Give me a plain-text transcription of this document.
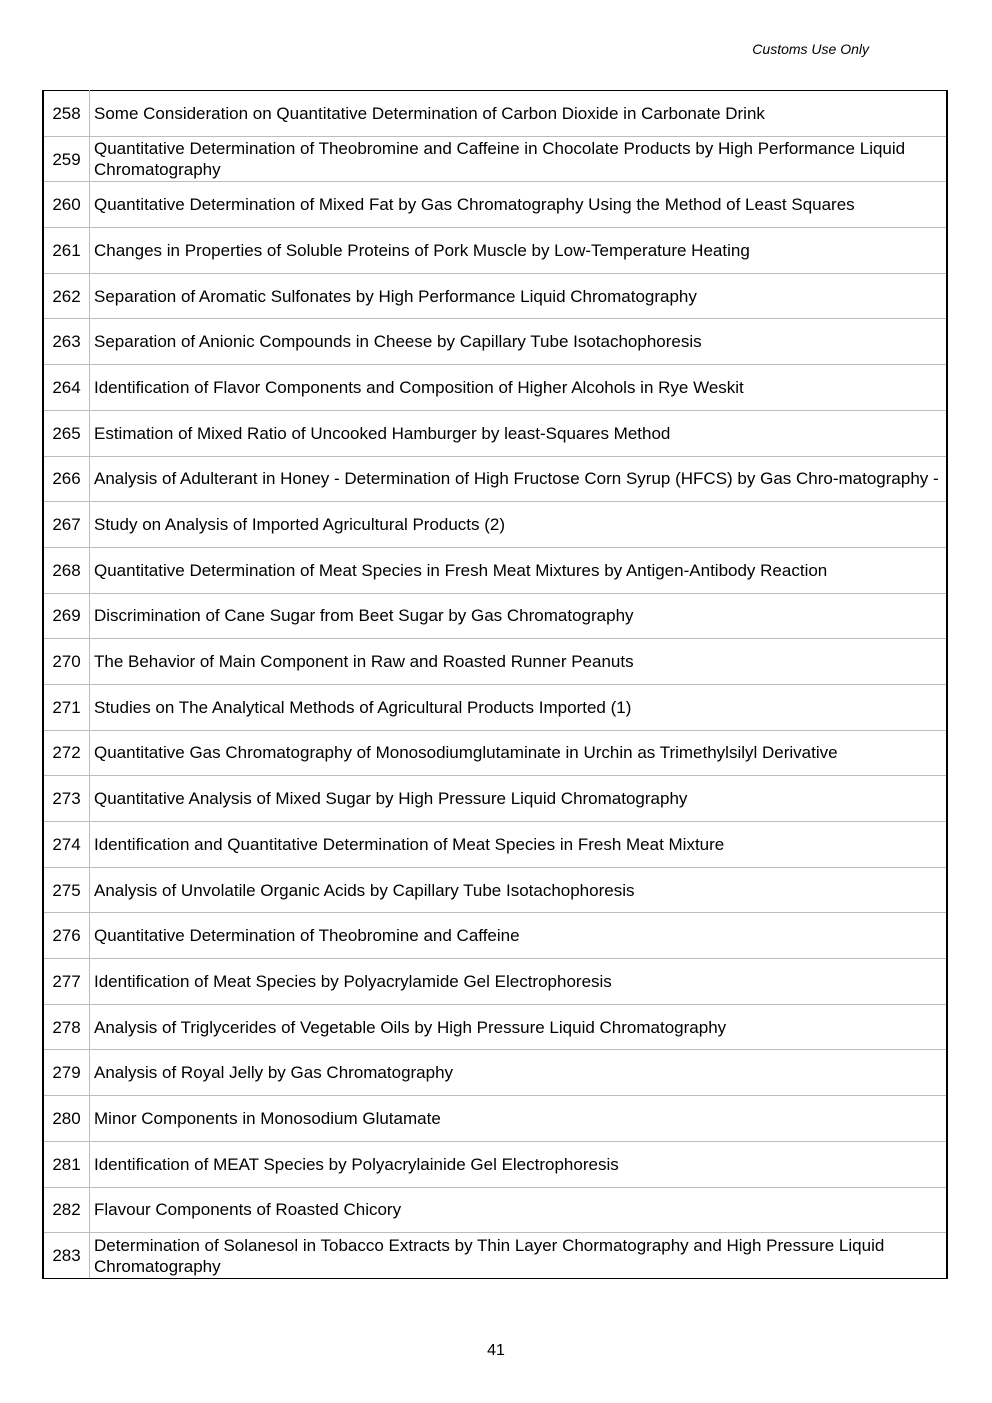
Customs Use Only
258	Some Consideration on Quantitative Determination of Carbon Dioxide in Carbonate Drink
259	Quantitative Determination of Theobromine and Caffeine in Chocolate Products by High Performance Liquid Chromatography
260	Quantitative Determination of Mixed Fat by Gas Chromatography Using the Method of Least Squares
261	Changes in Properties of Soluble Proteins of Pork Muscle by Low-Temperature Heating
262	Separation of Aromatic Sulfonates by High Performance Liquid Chromatography
263	Separation of Anionic Compounds in Cheese by Capillary Tube Isotachophoresis
264	Identification of Flavor Components and Composition of Higher Alcohols in Rye Weskit
265	Estimation of Mixed Ratio of Uncooked Hamburger by least-Squares Method
266	Analysis of Adulterant in Honey - Determination of High Fructose Corn Syrup (HFCS) by Gas Chro-matography -
267	Study on Analysis of Imported Agricultural Products (2)
268	Quantitative Determination of Meat Species in Fresh Meat Mixtures by Antigen-Antibody Reaction
269	Discrimination of Cane Sugar from Beet Sugar by Gas Chromatography
270	The Behavior of Main Component in Raw and Roasted Runner Peanuts
271	Studies on The Analytical Methods of Agricultural Products Imported (1)
272	Quantitative Gas Chromatography of Monosodiumglutaminate in Urchin as Trimethylsilyl Derivative
273	Quantitative Analysis of Mixed Sugar by High Pressure Liquid Chromatography
274	Identification and Quantitative Determination of Meat Species in Fresh Meat Mixture
275	Analysis of Unvolatile Organic Acids by Capillary Tube Isotachophoresis
276	Quantitative Determination of Theobromine and Caffeine
277	Identification of Meat Species by Polyacrylamide Gel Electrophoresis
278	Analysis of Triglycerides of Vegetable Oils by High Pressure Liquid Chromatography
279	Analysis of Royal Jelly by Gas Chromatography
280	Minor Components in Monosodium Glutamate
281	Identification of MEAT Species by Polyacrylainide Gel Electrophoresis
282	Flavour Components of Roasted Chicory
283	Determination of Solanesol in Tobacco Extracts by Thin Layer Chormatography and High Pressure Liquid Chromatography
41
